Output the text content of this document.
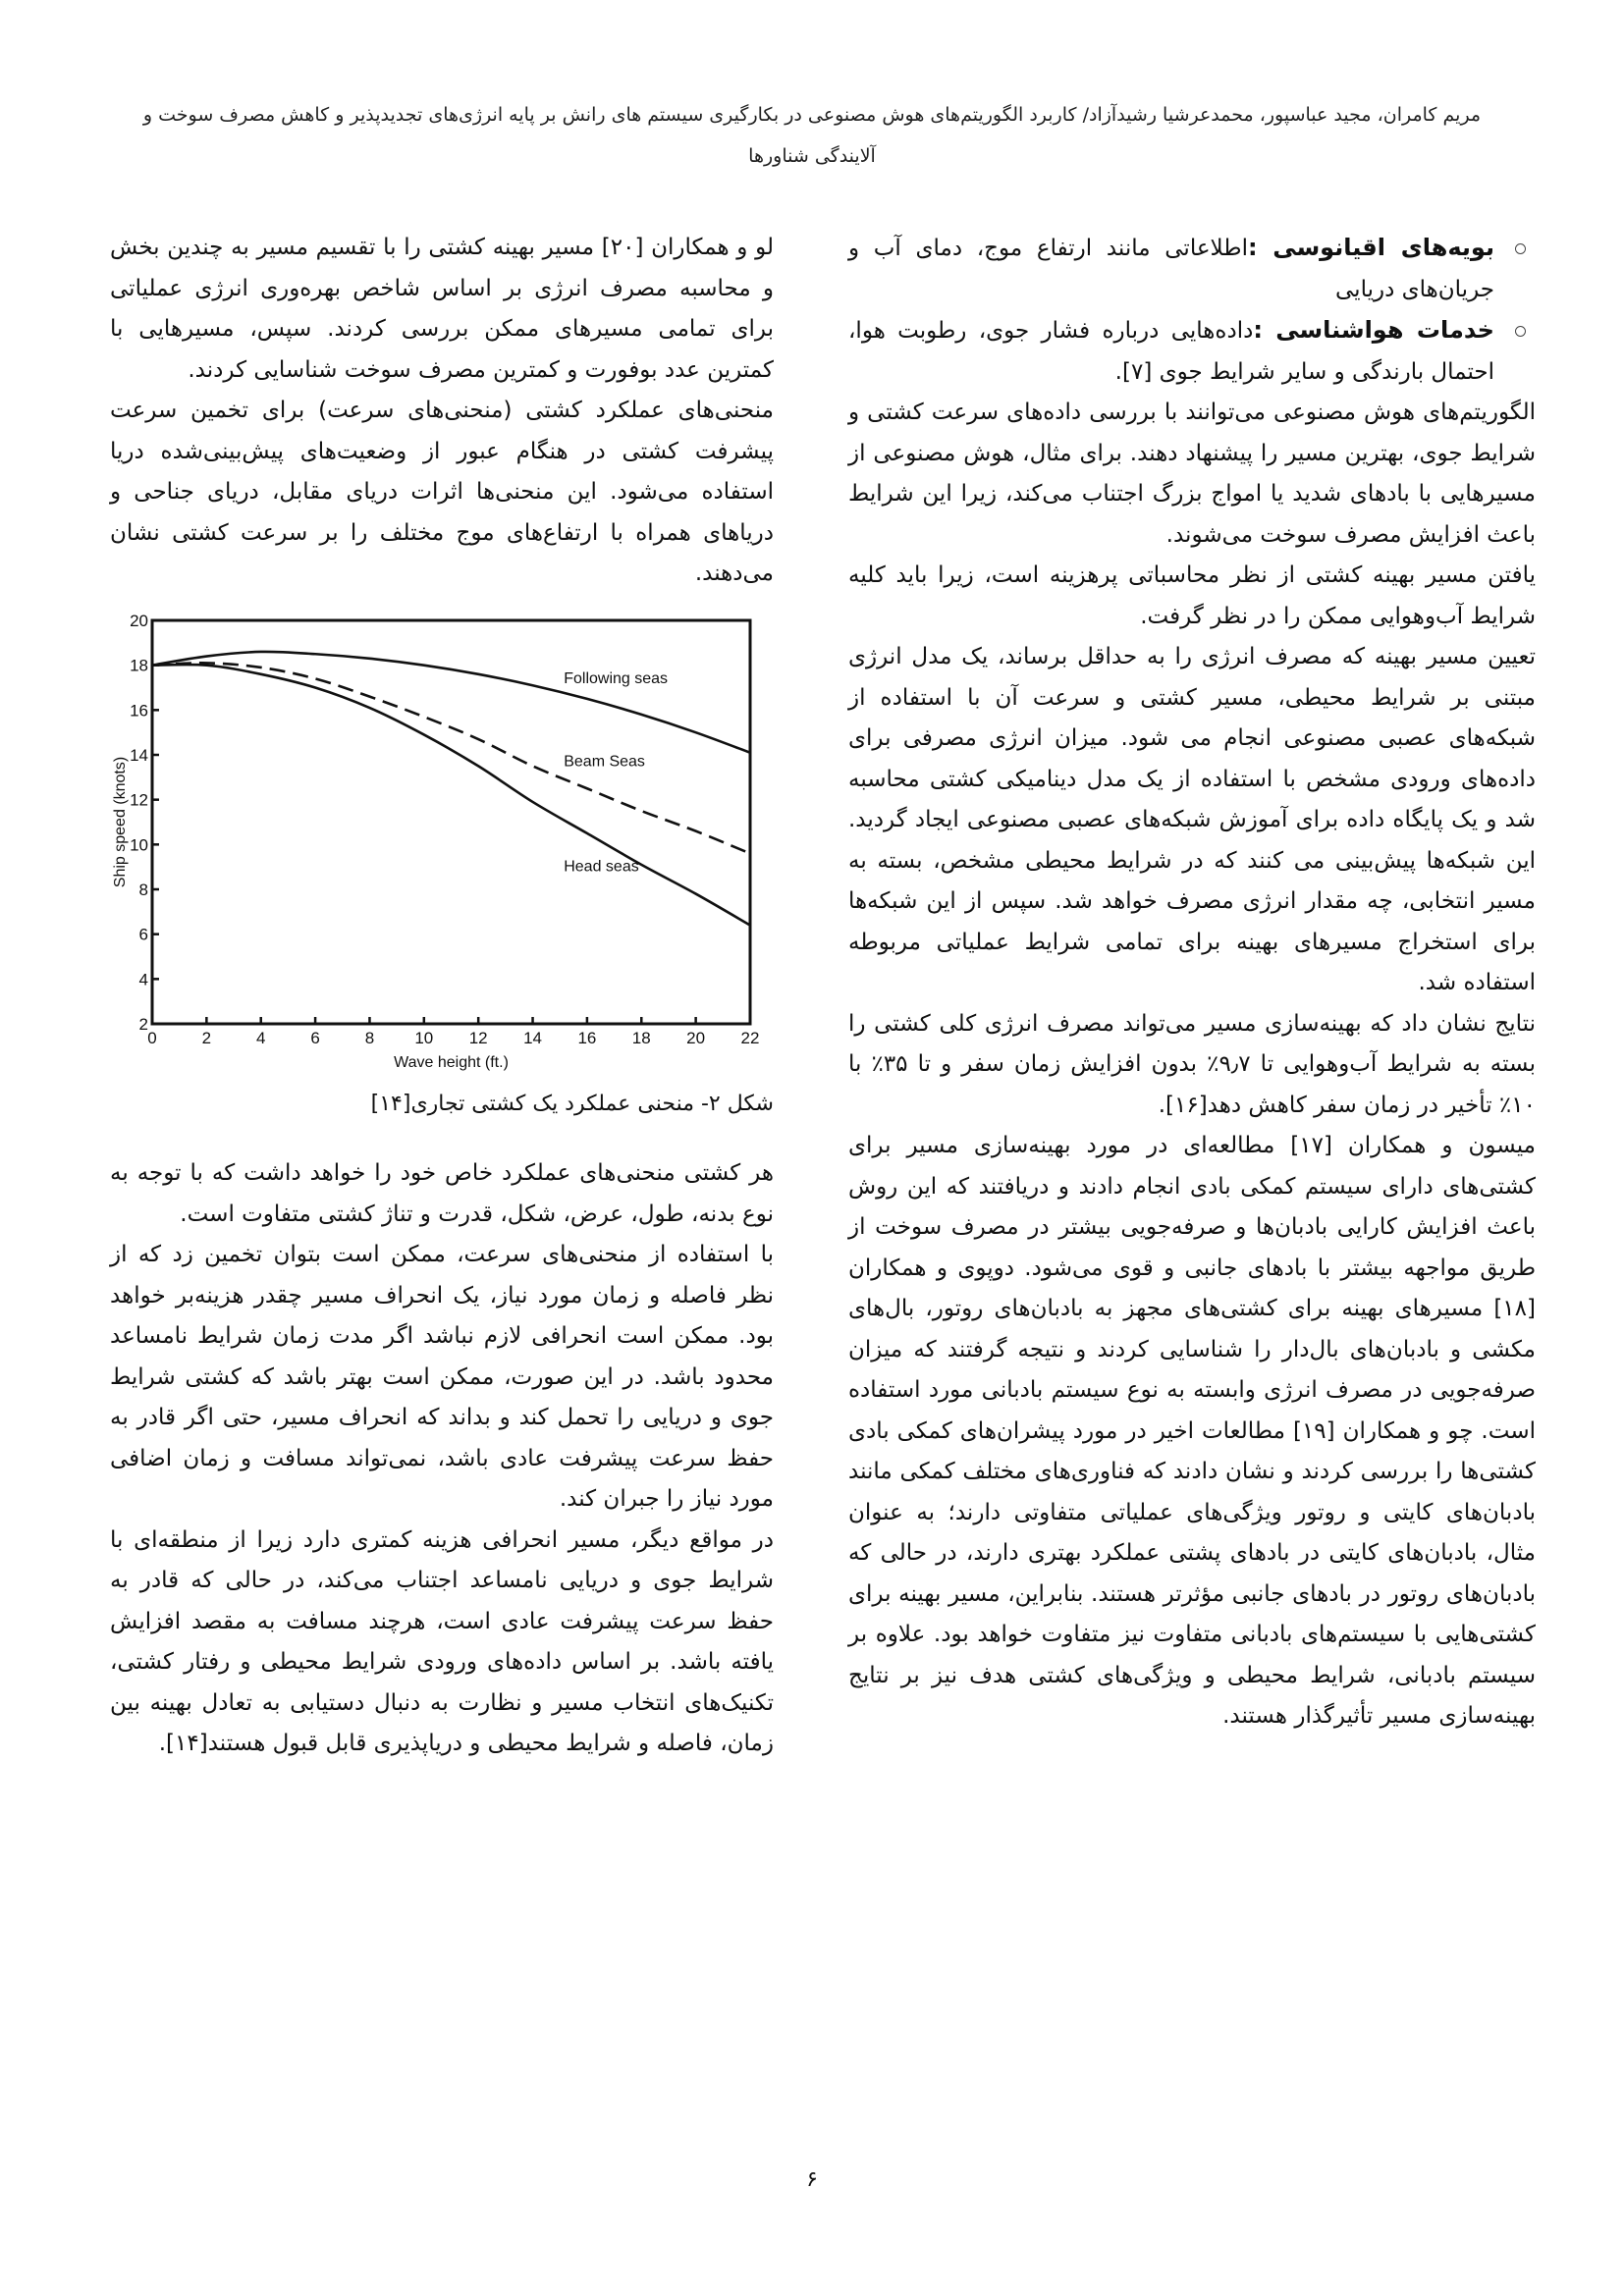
مریم کامران، مجید عباسپور، محمدعرشیا رشیدآزاد/ کاربرد الگوریتم‌های هوش مصنوعی در بکارگیری سیستم های رانش بر پایه انرژی‌های تجدیدپذیر و کاهش مصرف سوخت و آلایندگی شناورها

بویه‌های اقیانوسی :اطلاعاتی مانند ارتفاع موج، دمای آب و جریان‌های دریایی

خدمات هواشناسی :داده‌هایی درباره فشار جوی، رطوبت هوا، احتمال بارندگی و سایر شرایط جوی [۷].

الگوریتم‌های هوش مصنوعی می‌توانند با بررسی داده‌های سرعت کشتی و شرایط جوی، بهترین مسیر را پیشنهاد دهند. برای مثال، هوش مصنوعی از مسیرهایی با بادهای شدید یا امواج بزرگ اجتناب می‌کند، زیرا این شرایط باعث افزایش مصرف سوخت می‌شوند.

یافتن مسیر بهینه کشتی از نظر محاسباتی پرهزینه است، زیرا باید کلیه شرایط آب‌وهوایی ممکن را در نظر گرفت.

تعیین مسیر بهینه که مصرف انرژی را به حداقل برساند، یک مدل انرژی مبتنی بر شرایط محیطی، مسیر کشتی و سرعت آن با استفاده از شبکه‌های عصبی مصنوعی انجام می شود. میزان انرژی مصرفی برای داده‌های ورودی مشخص با استفاده از یک مدل دینامیکی کشتی محاسبه شد و یک پایگاه داده برای آموزش شبکه‌های عصبی مصنوعی ایجاد گردید. این شبکه‌ها پیش‌بینی می کنند که در شرایط محیطی مشخص، بسته به مسیر انتخابی، چه مقدار انرژی مصرف خواهد شد. سپس از این شبکه‌ها برای استخراج مسیرهای بهینه برای تمامی شرایط عملیاتی مربوطه استفاده شد.

نتایج نشان داد که بهینه‌سازی مسیر می‌تواند مصرف انرژی کلی کشتی را بسته به شرایط آب‌وهوایی تا ۹٫۷٪ بدون افزایش زمان سفر و تا ۳۵٪ با ۱۰٪ تأخیر در زمان سفر کاهش دهد[۱۶].

میسون و همکاران [۱۷] مطالعه‌ای در مورد بهینه‌سازی مسیر برای کشتی‌های دارای سیستم کمکی بادی انجام دادند و دریافتند که این روش باعث افزایش کارایی بادبان‌ها و صرفه‌جویی بیشتر در مصرف سوخت از طریق مواجهه بیشتر با بادهای جانبی و قوی می‌شود. دوپوی و همکاران [۱۸] مسیرهای بهینه برای کشتی‌های مجهز به بادبان‌های روتور، بال‌های مکشی و بادبان‌های بال‌دار را شناسایی کردند و نتیجه گرفتند که میزان صرفه‌جویی در مصرف انرژی وابسته به نوع سیستم بادبانی مورد استفاده است. چو و همکاران [۱۹] مطالعات اخیر در مورد پیشران‌های کمکی بادی کشتی‌ها را بررسی کردند و نشان دادند که فناوری‌های مختلف کمکی مانند بادبان‌های کایتی و روتور ویژگی‌های عملیاتی متفاوتی دارند؛ به عنوان مثال، بادبان‌های کایتی در بادهای پشتی عملکرد بهتری دارند، در حالی که بادبان‌های روتور در بادهای جانبی مؤثرتر هستند. بنابراین، مسیر بهینه برای کشتی‌هایی با سیستم‌های بادبانی متفاوت نیز متفاوت خواهد بود. علاوه بر سیستم بادبانی، شرایط محیطی و ویژگی‌های کشتی هدف نیز بر نتایج بهینه‌سازی مسیر تأثیرگذار هستند.

لو و همکاران [۲۰] مسیر بهینه کشتی را با تقسیم مسیر به چندین بخش و محاسبه مصرف انرژی بر اساس شاخص بهره‌وری انرژی عملیاتی برای تمامی مسیرهای ممکن بررسی کردند. سپس، مسیرهایی با کمترین عدد بوفورت و کمترین مصرف سوخت شناسایی کردند.

منحنی‌های عملکرد کشتی (منحنی‌های سرعت) برای تخمین سرعت پیشرفت کشتی در هنگام عبور از وضعیت‌های پیش‌بینی‌شده دریا استفاده می‌شود. این منحنی‌ها اثرات دریای مقابل، دریای جناحی و دریاهای همراه با ارتفاع‌های موج مختلف را بر سرعت کشتی نشان می‌دهند.

2
4
6
8
10
12
14
16
18
20
0	2	4	6	8 10 12 14 16 18 20 22
Wave height (ft.)
Ship speed (knots)
Following seas
Beam Seas
Head seas

شکل ۲- منحنی عملکرد یک کشتی تجاری[۱۴]

هر کشتی منحنی‌های عملکرد خاص خود را خواهد داشت که با توجه به نوع بدنه، طول، عرض، شکل، قدرت و تناژ کشتی متفاوت است.

با استفاده از منحنی‌های سرعت، ممکن است بتوان تخمین زد که از نظر فاصله و زمان مورد نیاز، یک انحراف مسیر چقدر هزینه‌بر خواهد بود. ممکن است انحرافی لازم نباشد اگر مدت زمان شرایط نامساعد محدود باشد. در این صورت، ممکن است بهتر باشد که کشتی شرایط جوی و دریایی را تحمل کند و بداند که انحراف مسیر، حتی اگر قادر به حفظ سرعت پیشرفت عادی باشد، نمی‌تواند مسافت و زمان اضافی مورد نیاز را جبران کند.

در مواقع دیگر، مسیر انحرافی هزینه کمتری دارد زیرا از منطقه‌ای با شرایط جوی و دریایی نامساعد اجتناب می‌کند، در حالی که قادر به حفظ سرعت پیشرفت عادی است، هرچند مسافت به مقصد افزایش یافته باشد. بر اساس داده‌های ورودی شرایط محیطی و رفتار کشتی، تکنیک‌های انتخاب مسیر و نظارت به دنبال دستیابی به تعادل بهینه بین زمان، فاصله و شرایط محیطی و دریاپذیری قابل قبول هستند[۱۴].

۶
